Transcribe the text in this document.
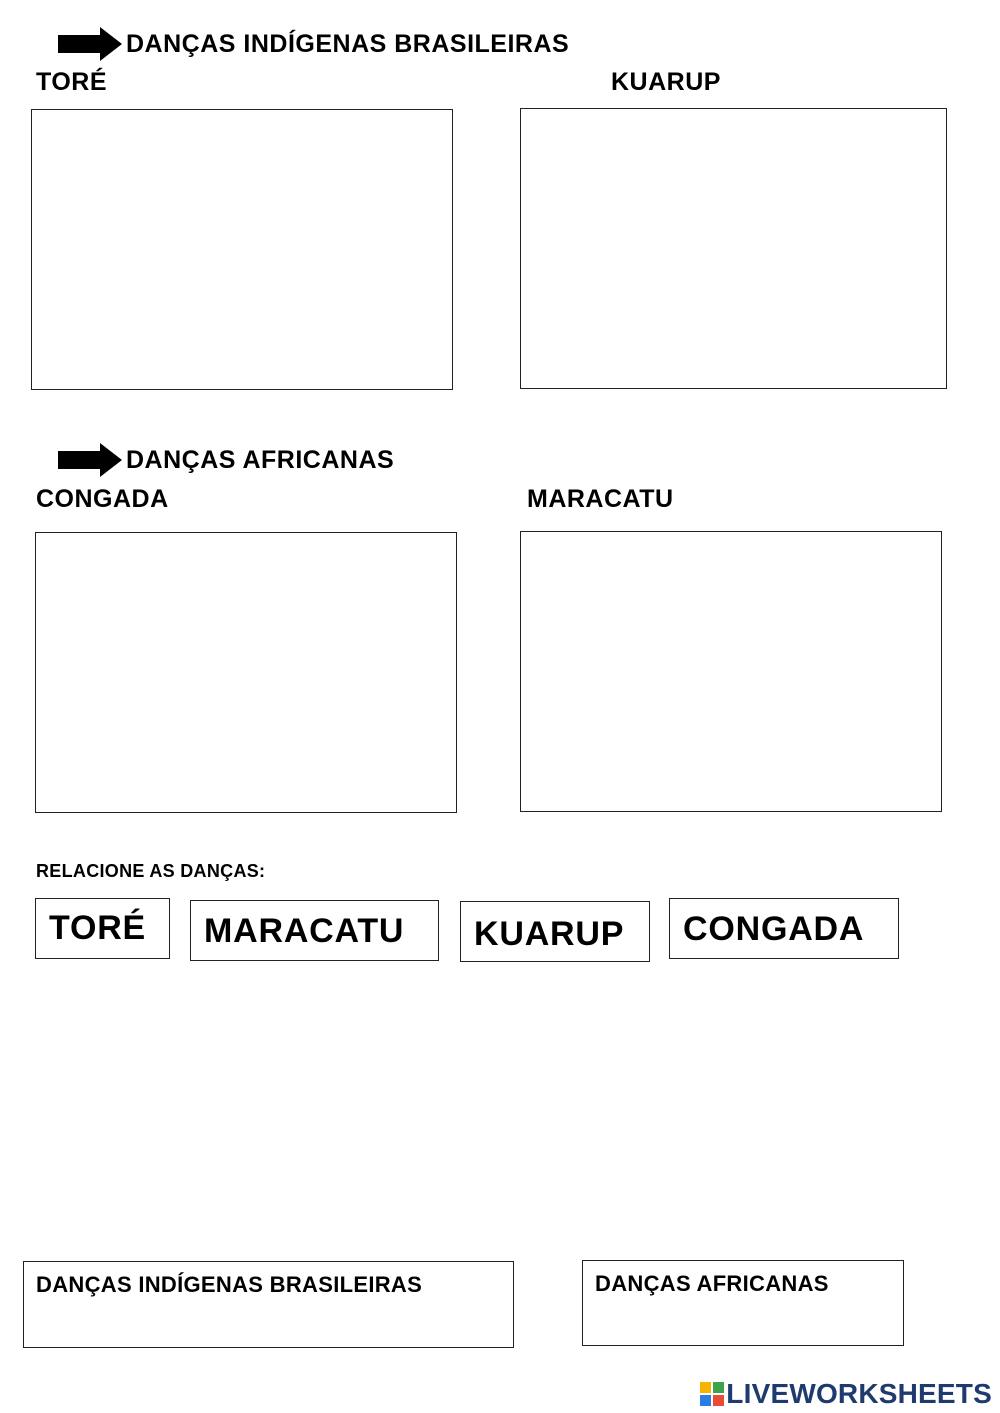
DANÇAS INDÍGENAS BRASILEIRAS
TORÉ	KUARUP
DANÇAS AFRICANAS
CONGADA	MARACATU
RELACIONE AS DANÇAS:
TORÉ MARACATU KUARUP CONGADA
DANÇAS INDÍGENAS BRASILEIRAS	DANÇAS AFRICANAS
LIVEWORKSHEETS
